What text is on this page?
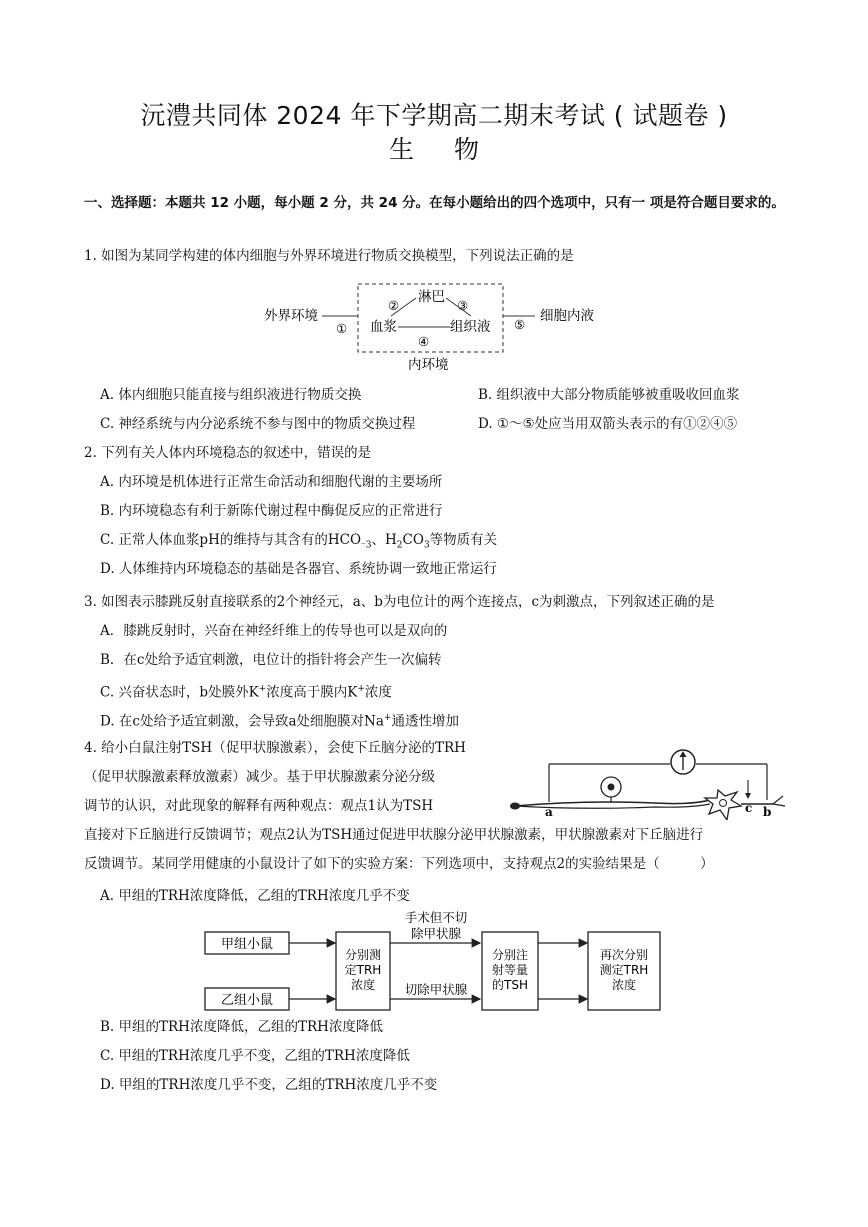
沅澧共同体 2024 年下学期高二期末考试 ( 试题卷 )
生物
一、选择题：本题共 12 小题，每小题 2 分，共 24 分。在每小题给出的四个选项中，只有一 项是符合题目要求的。
1. 如图为某同学构建的体内细胞与外界环境进行物质交换模型，下列说法正确的是
外界环境
①
淋巴
②	③
血浆	组织液
④
⑤
细胞内液
内环境
A. 体内细胞只能直接与组织液进行物质交换	B. 组织液中大部分物质能够被重吸收回血浆
C. 神经系统与内分泌系统不参与图中的物质交换过程	D. ①～⑤处应当用双箭头表示的有①②④⑤
2. 下列有关人体内环境稳态的叙述中，错误的是
A. 内环境是机体进行正常生命活动和细胞代谢的主要场所
B. 内环境稳态有利于新陈代谢过程中酶促反应的正常进行
C. 正常人体血浆pH的维持与其含有的$HCO_{^-3}$、$H_2CO_3$等物质有关
D. 人体维持内环境稳态的基础是各器官、系统协调一致地正常运行
3. 如图表示膝跳反射直接联系的2个神经元，a、b为电位计的两个连接点，c为刺激点，下列叙述正确的是
A．膝跳反射时，兴奋在神经纤维上的传导也可以是双向的
B．在c处给予适宜刺激，电位计的指针将会产生一次偏转
C. 兴奋状态时，b处膜外K+浓度高于膜内K+浓度
D. 在c处给予适宜刺激，会导致a处细胞膜对Na+通透性增加
a	c b
4. 给小白鼠注射TSH（促甲状腺激素），会使下丘脑分泌的TRH
（促甲状腺激素释放激素）减少。基于甲状腺激素分泌分级
调节的认识，对此现象的解释有两种观点：观点1认为TSH
直接对下丘脑进行反馈调节；观点2认为TSH通过促进甲状腺分泌甲状腺激素，甲状腺激素对下丘脑进行
反馈调节。某同学用健康的小鼠设计了如下的实验方案：下列选项中，支持观点2的实验结果是（　　　）
A. 甲组的TRH浓度降低，乙组的TRH浓度几乎不变
甲组小鼠
乙组小鼠
分别测
定TRH
浓度
手术但不切
除甲状腺
切除甲状腺
分别注
射等量
的TSH
再次分别
测定TRH
浓度
B. 甲组的TRH浓度降低，乙组的TRH浓度降低
C. 甲组的TRH浓度几乎不变，乙组的TRH浓度降低
D. 甲组的TRH浓度几乎不变，乙组的TRH浓度几乎不变
